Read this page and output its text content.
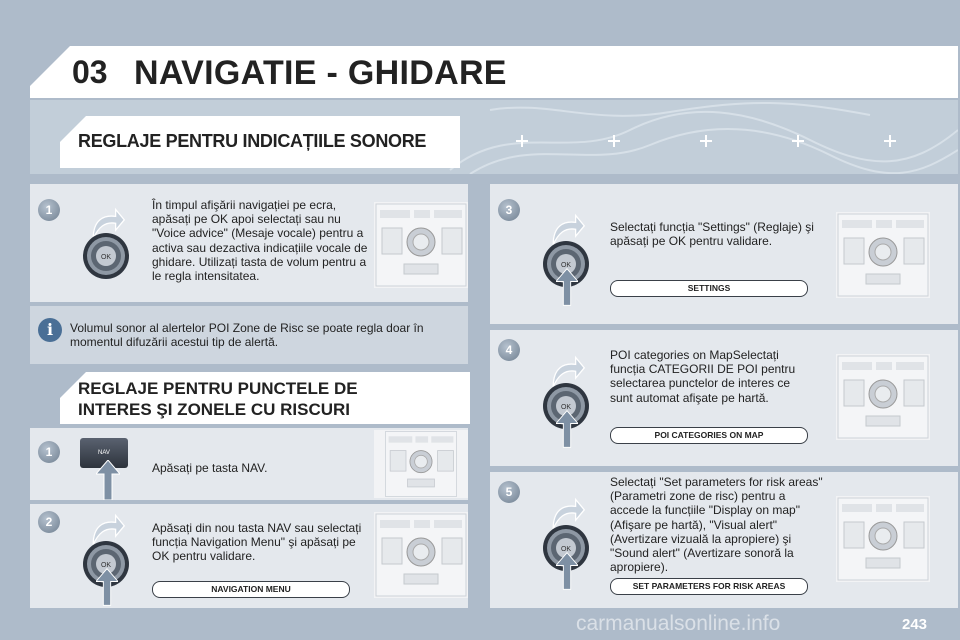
03 NAVIGATIE - GHIDARE
REGLAJE PENTRU INDICAȚIILE SONORE
1	În timpul afişării navigației pe ecra, apăsați pe OK apoi selectați sau nu "Voice advice" (Mesaje vocale) pentru a activa sau dezactiva indicațiile vocale de ghidare. Utilizați tasta de volum pentru a le regla intensitatea.
i	Volumul sonor al alertelor POI Zone de Risc se poate regla doar în momentul difuzării acestui tip de alertă.
REGLAJE PENTRU PUNCTELE DE
INTERES ŞI ZONELE CU RISCURI
1	NAV
Apăsați pe tasta NAV.
2	Apăsați din nou tasta NAV sau selectați funcția Navigation Menu" şi apăsați pe OK pentru validare.
NAVIGATION MENU
3
Selectați funcția "Settings" (Reglaje) şi apăsați pe OK pentru validare.
SETTINGS
4	POI categories on MapSelectați funcția CATEGORII DE POI pentru selectarea punctelor de interes ce sunt automat afişate pe hartă.
POI CATEGORIES ON MAP
5
Selectați "Set parameters for risk areas" (Parametri zone de risc) pentru a accede la funcțiile "Display on map" (Afişare pe hartă), "Visual alert" (Avertizare vizuală la apropiere) şi "Sound alert" (Avertizare sonoră la apropiere).
SET PARAMETERS FOR RISK AREAS
carmanualsonline.info	243
